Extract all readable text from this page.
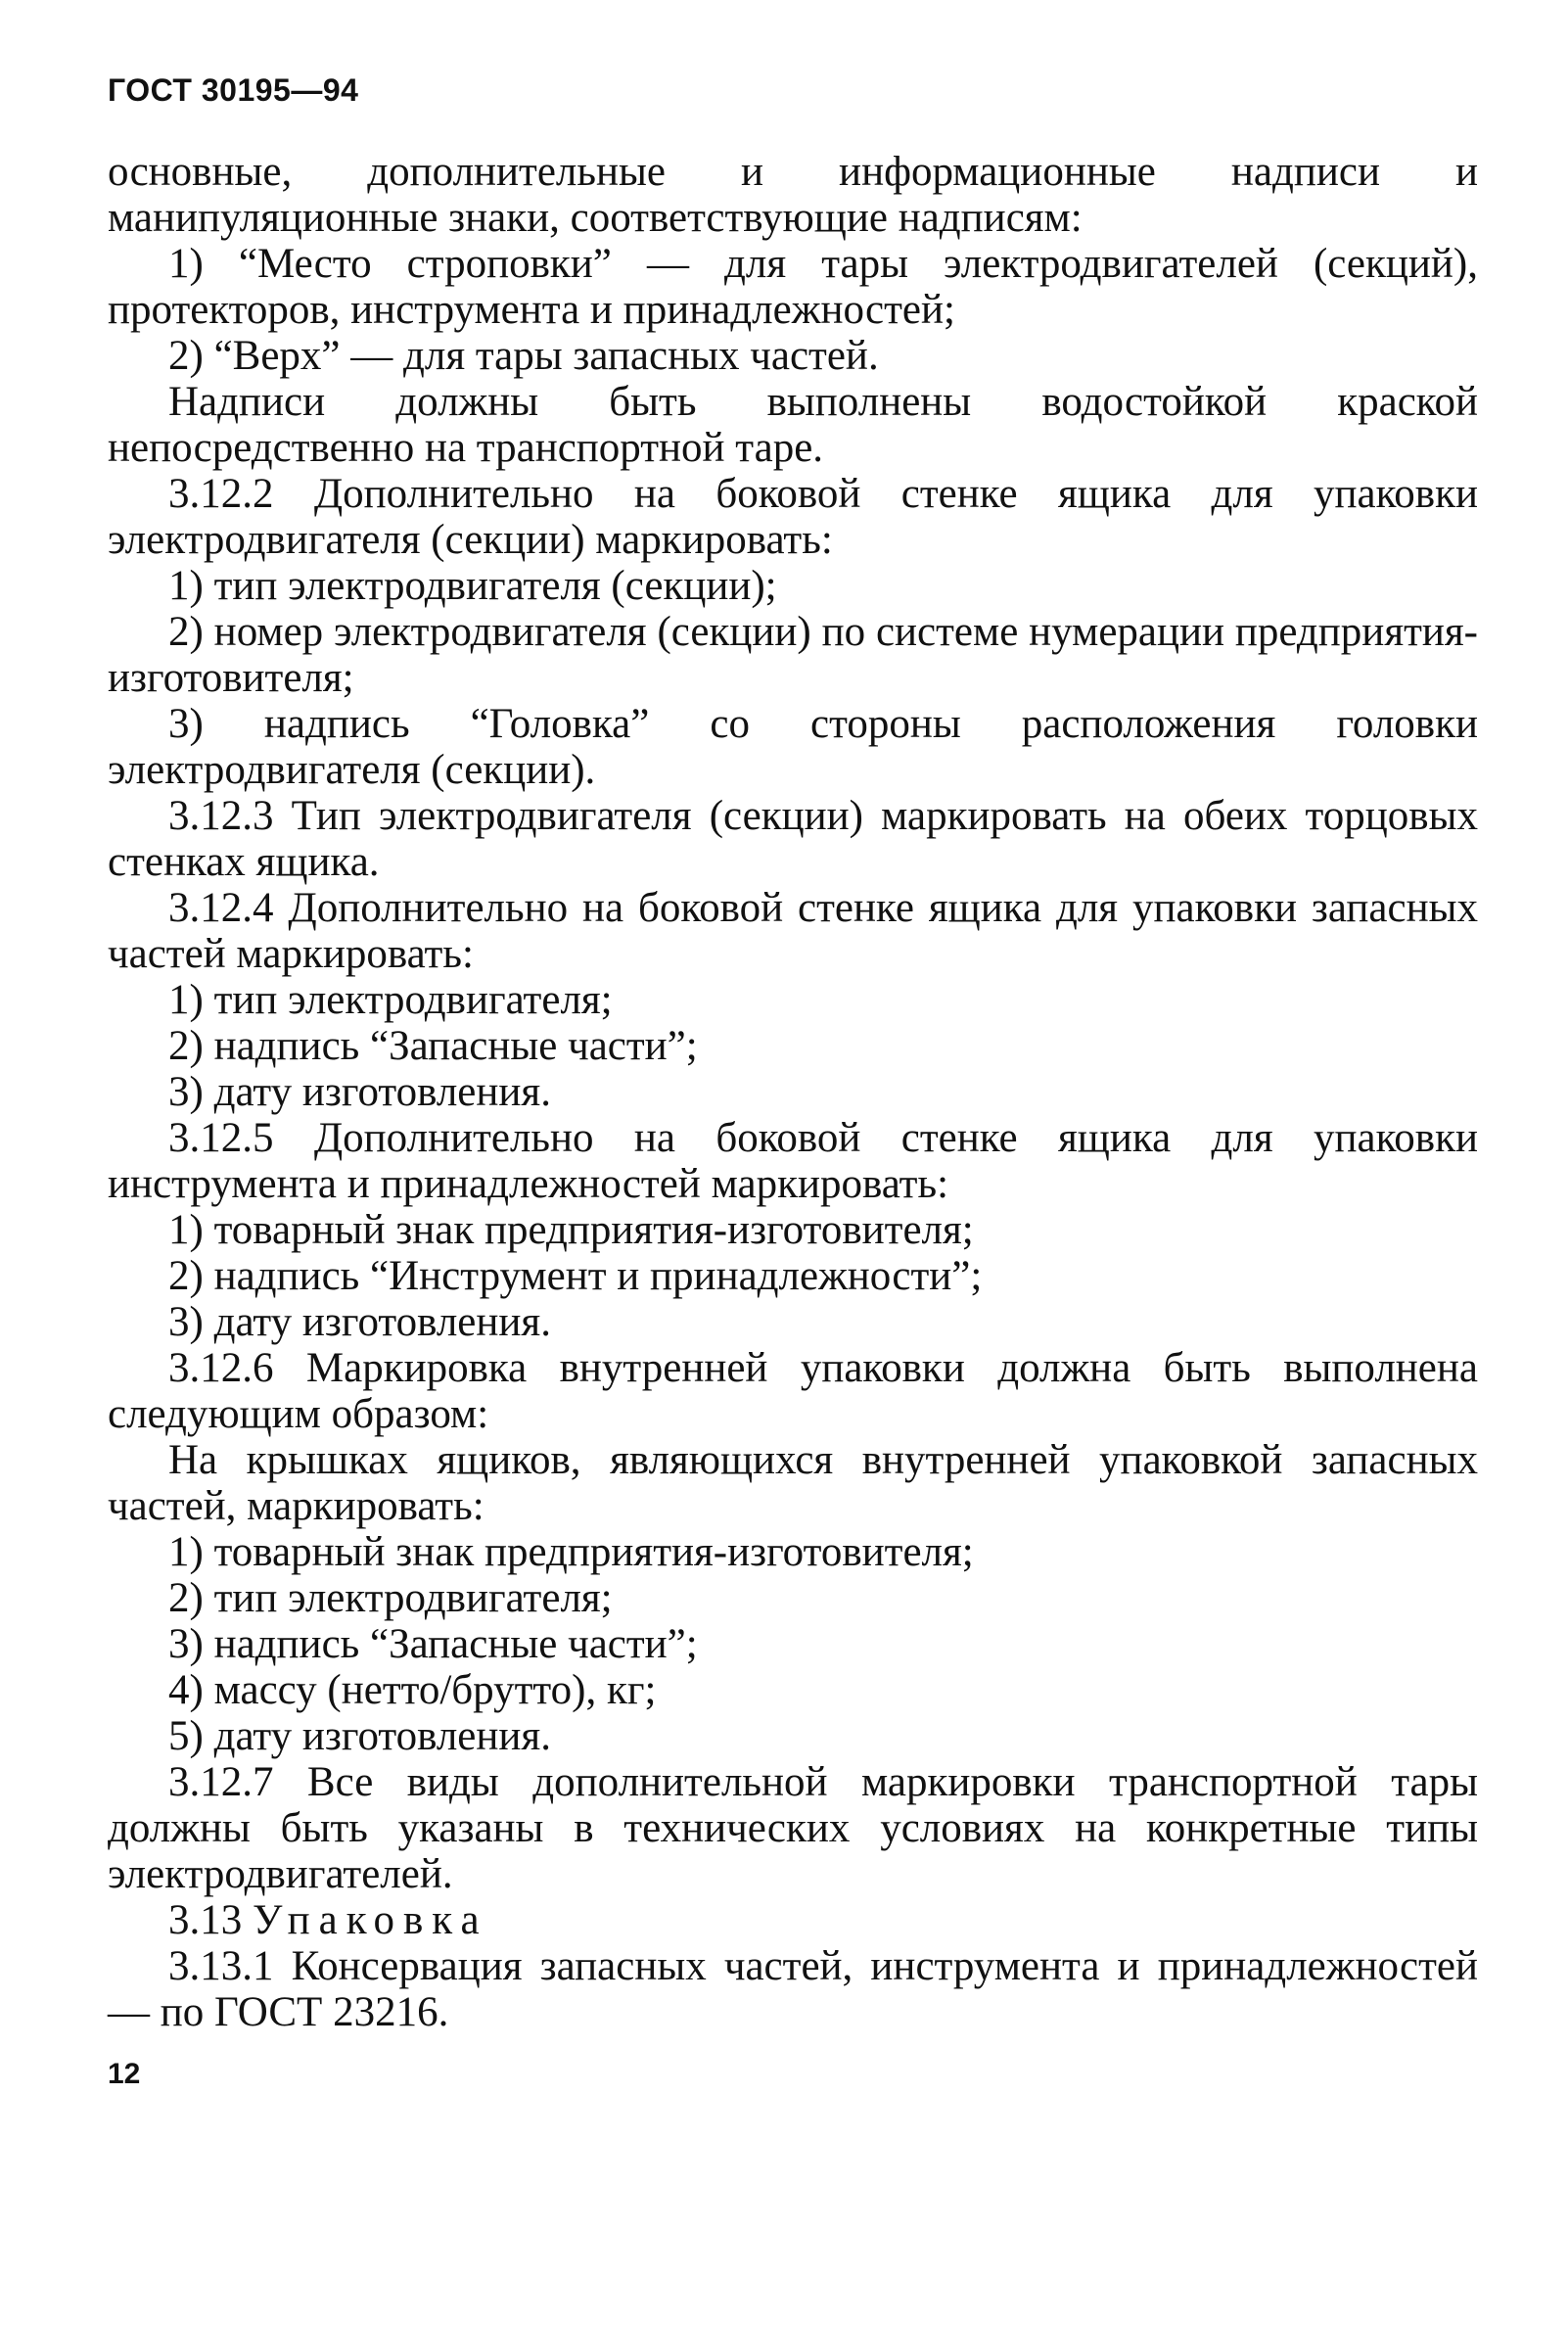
ГОСТ 30195—94

основные, дополнительные и информационные надписи и манипуляционные знаки, соответствующие надписям:

1) “Место строповки” — для тары электродвигателей (секций), протекторов, инструмента и принадлежностей;

2) “Верх” — для тары запасных частей.

Надписи должны быть выполнены водостойкой краской непосредственно на транспортной таре.

3.12.2 Дополнительно на боковой стенке ящика для упаковки электродвигателя (секции) маркировать:

1) тип электродвигателя (секции);

2) номер электродвигателя (секции) по системе нумерации предприятия-изготовителя;

3) надпись “Головка” со стороны расположения головки электродвигателя (секции).

3.12.3 Тип электродвигателя (секции) маркировать на обеих торцовых стенках ящика.

3.12.4 Дополнительно на боковой стенке ящика для упаковки запасных частей маркировать:

1) тип электродвигателя;

2) надпись “Запасные части”;

3) дату изготовления.

3.12.5 Дополнительно на боковой стенке ящика для упаковки инструмента и принадлежностей маркировать:

1) товарный знак предприятия-изготовителя;

2) надпись “Инструмент и принадлежности”;

3) дату изготовления.

3.12.6 Маркировка внутренней упаковки должна быть выполнена следующим образом:

На крышках ящиков, являющихся внутренней упаковкой запасных частей, маркировать:

1) товарный знак предприятия-изготовителя;

2) тип электродвигателя;

3) надпись “Запасные части”;

4) массу (нетто/брутто), кг;

5) дату изготовления.

3.12.7 Все виды дополнительной маркировки транспортной тары должны быть указаны в технических условиях на конкретные типы электродвигателей.

3.13 Упаковка

3.13.1 Консервация запасных частей, инструмента и принадлежностей — по ГОСТ 23216.

12
